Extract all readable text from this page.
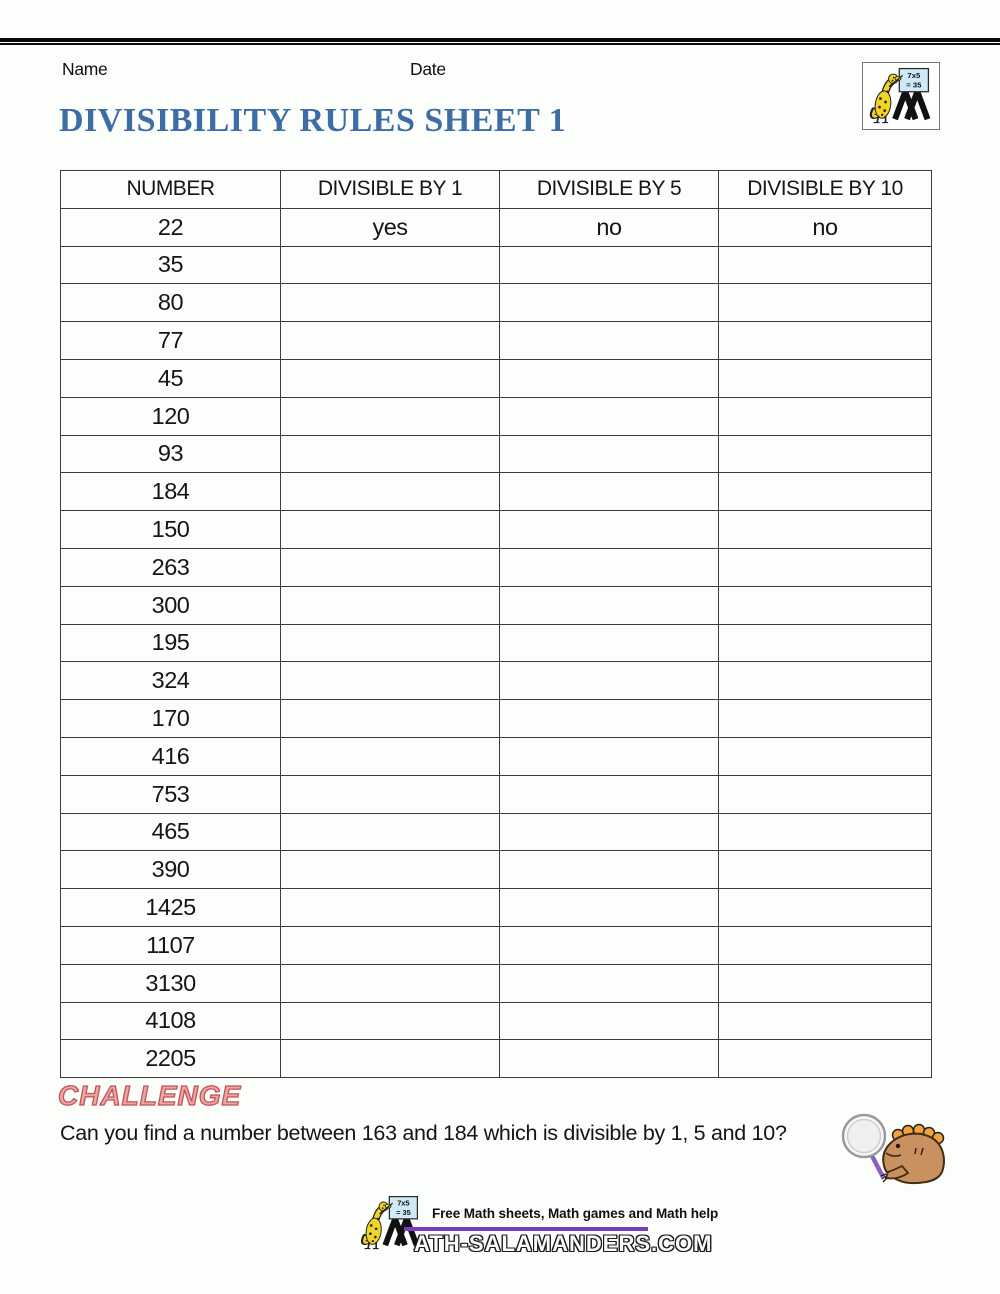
Name	Date
DIVISIBILITY RULES SHEET 1
NUMBER	DIVISIBLE BY 1	DIVISIBLE BY 5	DIVISIBLE BY 10
22	yes	no	no
35			
80			
77			
45			
120			
93			
184			
150			
263			
300			
195			
324			
170			
416			
753			
465			
390			
1425			
1107			
3130			
4108			
2205			
CHALLENGE
Can you find a number between 163 and 184 which is divisible by 1, 5 and 10?
Free Math sheets, Math games and Math help
ATH-SALAMANDERS.COM
